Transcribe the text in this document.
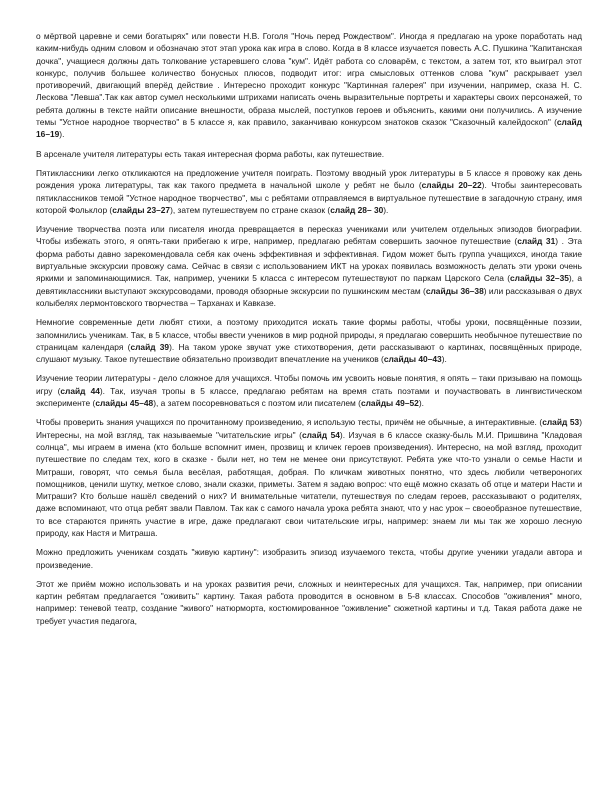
о мёртвой царевне и семи богатырях" или повести Н.В. Гоголя "Ночь перед Рождеством". Иногда я предлагаю на уроке поработать над каким-нибудь одним словом и обозначаю этот этап урока как игра в слово. Когда в 8 классе изучается повесть А.С. Пушкина "Капитанская дочка", учащиеся должны дать толкование устаревшего слова "кум". Идёт работа со словарём, с текстом, а затем тот, кто выиграл этот конкурс, получив большее количество бонусных плюсов, подводит итог: игра смысловых оттенков слова "кум" раскрывает узел противоречий, двигающий вперёд действие . Интересно проходит конкурс "Картинная галерея" при изучении, например, сказа Н. С. Лескова "Левша".Так как автор сумел несколькими штрихами написать очень выразительные портреты и характеры своих персонажей, то ребята должны в тексте найти описание внешности, образа мыслей, поступков героев и объяснить, какими они получились. А изучение темы "Устное народное творчество" в 5 классе я, как правило, заканчиваю конкурсом знатоков сказок "Сказочный калейдоскоп" (слайд 16–19).

В арсенале учителя литературы есть такая интересная форма работы, как путешествие.

Пятиклассники легко откликаются на предложение учителя поиграть. Поэтому вводный урок литературы в 5 классе я провожу как день рождения урока литературы, так как такого предмета в начальной школе у ребят не было (слайды 20–22). Чтобы заинтересовать пятиклассников темой "Устное народное творчество", мы с ребятами отправляемся в виртуальное путешествие в загадочную страну, имя которой Фольклор (слайды 23–27), затем путешествуем по стране сказок (слайд 28– 30).

Изучение творчества поэта или писателя иногда превращается в пересказ учениками или учителем отдельных эпизодов биографии. Чтобы избежать этого, я опять-таки прибегаю к игре, например, предлагаю ребятам совершить заочное путешествие (слайд 31) . Эта форма работы давно зарекомендовала себя как очень эффективная и эффективная. Гидом может быть группа учащихся, иногда такие виртуальные экскурсии провожу сама. Сейчас в связи с использованием ИКТ на уроках появилась возможность делать эти уроки очень яркими и запоминающимися. Так, например, ученики 5 класса с интересом путешествуют по паркам Царского Села (слайды 32–35), а девятиклассники выступают экскурсоводами, проводя обзорные экскурсии по пушкинским местам (слайды 36–38) или рассказывая о двух колыбелях лермонтовского творчества – Тарханах и Кавказе.

Немногие современные дети любят стихи, а поэтому приходится искать такие формы работы, чтобы уроки, посвящённые поэзии, запомнились ученикам. Так, в 5 классе, чтобы ввести учеников в мир родной природы, я предлагаю совершить необычное путешествие по страницам календаря (слайд 39). На таком уроке звучат уже стихотворения, дети рассказывают о картинах, посвящённых природе, слушают музыку. Такое путешествие обязательно производит впечатление на учеников (слайды 40–43).

Изучение теории литературы - дело сложное для учащихся. Чтобы помочь им усвоить новые понятия, я опять – таки призываю на помощь игру (слайд 44). Так, изучая тропы в 5 классе, предлагаю ребятам на время стать поэтами и поучаствовать в лингвистическом эксперименте (слайды 45–48), а затем посоревноваться с поэтом или писателем (слайды 49–52).

Чтобы проверить знания учащихся по прочитанному произведению, я использую тесты, причём не обычные, а интерактивные. (слайд 53) Интересны, на мой взгляд, так называемые "читательские игры" (слайд 54). Изучая в 6 классе сказку-быль М.И. Пришвина "Кладовая солнца", мы играем в имена (кто больше вспомнит имен, прозвищ и кличек героев произведения). Интересно, на мой взгляд, проходит путешествие по следам тех, кого в сказке - были нет, но тем не менее они присутствуют. Ребята уже что-то узнали о семье Насти и Митраши, говорят, что семья была весёлая, работящая, добрая. По кличкам животных понятно, что здесь любили четвероногих помощников, ценили шутку, меткое слово, знали сказки, приметы. Затем я задаю вопрос: что ещё можно сказать об отце и матери Насти и Митраши? Кто больше нашёл сведений о них? И внимательные читатели, путешествуя по следам героев, рассказывают о родителях, даже вспоминают, что отца ребят звали Павлом. Так как с самого начала урока ребята знают, что у нас урок – своеобразное путешествие, то все стараются принять участие в игре, даже предлагают свои читательские игры, например: знаем ли мы так же хорошо лесную природу, как Настя и Митраша.

Можно предложить ученикам создать "живую картину": изобразить эпизод изучаемого текста, чтобы другие ученики угадали автора и произведение.

Этот же приём можно использовать и на уроках развития речи, сложных и неинтересных для учащихся. Так, например, при описании картин ребятам предлагается "оживить" картину. Такая работа проводится в основном в 5-8 классах. Способов "оживления" много, например: теневой театр, создание "живого" натюрморта, костюмированное "оживление" сюжетной картины и т.д. Такая работа даже не требует участия педагога,
